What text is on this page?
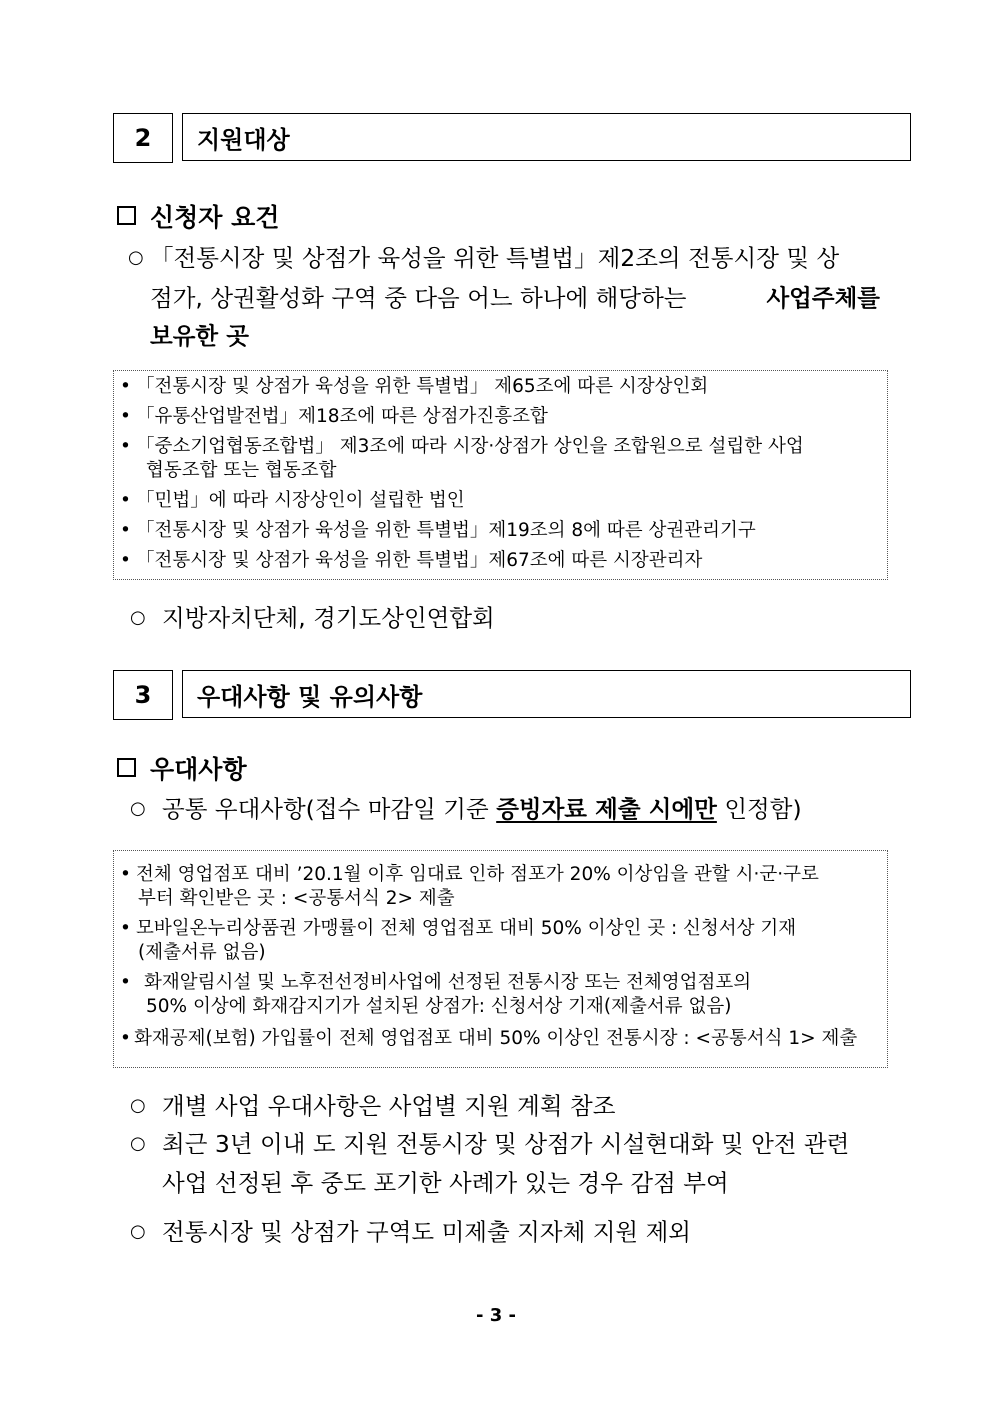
2	지원대상
신청자 요건
○ 「전통시장 및 상점가 육성을 위한 특별법」제2조의 전통시장 및 상
점가, 상권활성화 구역 중 다음 어느 하나에 해당하는	사업주체를
보유한 곳
• 「전통시장 및 상점가 육성을 위한 특별법」 제65조에 따른 시장상인회
• 「유통산업발전법」제18조에 따른 상점가진흥조합
• 「중소기업협동조합법」 제3조에 따라 시장·상점가 상인을 조합원으로 설립한 사업
협동조합 또는 협동조합
• 「민법」에 따라 시장상인이 설립한 법인
• 「전통시장 및 상점가 육성을 위한 특별법」제19조의 8에 따른 상권관리기구
• 「전통시장 및 상점가 육성을 위한 특별법」제67조에 따른 시장관리자
○ 지방자치단체, 경기도상인연합회
3	우대사항 및 유의사항
우대사항
○ 공통 우대사항(접수 마감일 기준 증빙자료 제출 시에만 인정함)
• 전체 영업점포 대비 ’20.1월 이후 임대료 인하 점포가 20% 이상임을 관할 시·군·구로
부터 확인받은 곳 : <공통서식 2> 제출
• 모바일온누리상품권 가맹률이 전체 영업점포 대비 50% 이상인 곳 : 신청서상 기재
(제출서류 없음)
• 화재알림시설 및 노후전선정비사업에 선정된 전통시장 또는 전체영업점포의
50% 이상에 화재감지기가 설치된 상점가: 신청서상 기재(제출서류 없음)
• 화재공제(보험) 가입률이 전체 영업점포 대비 50% 이상인 전통시장 : <공통서식 1> 제출
○ 개별 사업 우대사항은 사업별 지원 계획 참조
○ 최근 3년 이내 도 지원 전통시장 및 상점가 시설현대화 및 안전 관련
사업 선정된 후 중도 포기한 사례가 있는 경우 감점 부여
○ 전통시장 및 상점가 구역도 미제출 지자체 지원 제외
- 3 -
